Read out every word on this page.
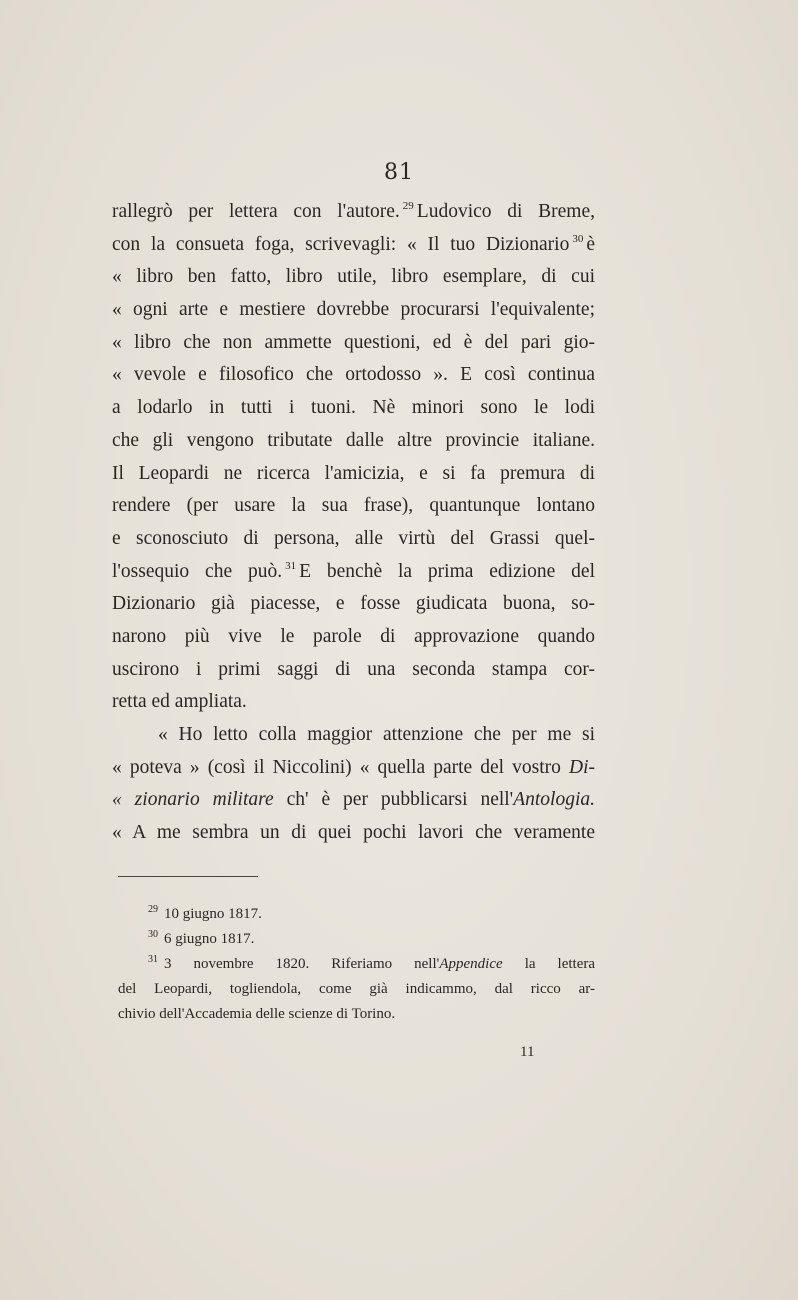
81
rallegrò per lettera con l'autore. $^{29}$ Ludovico di Breme,
con la consueta foga, scrivevagli: « Il tuo Dizionario $^{30}$ è
« libro ben fatto, libro utile, libro esemplare, di cui
« ogni arte e mestiere dovrebbe procurarsi l'equivalente;
« libro che non ammette questioni, ed è del pari gio-
« vevole e filosofico che ortodosso ». E così continua
a lodarlo in tutti i tuoni. Nè minori sono le lodi
che gli vengono tributate dalle altre provincie italiane.
Il Leopardi ne ricerca l'amicizia, e si fa premura di
rendere (per usare la sua frase), quantunque lontano
e sconosciuto di persona, alle virtù del Grassi quel-
l'ossequio che può. $^{31}$ E benchè la prima edizione del
Dizionario già piacesse, e fosse giudicata buona, so-
narono più vive le parole di approvazione quando
uscirono i primi saggi di una seconda stampa cor-
retta ed ampliata.
« Ho letto colla maggior attenzione che per me si
« poteva » (così il Niccolini) « quella parte del vostro Di-
« zionario militare ch' è per pubblicarsi nell'Antologia.
« A me sembra un di quei pochi lavori che veramente
$^{29}$ 10 giugno 1817.
$^{30}$ 6 giugno 1817.
$^{31}$ 3 novembre 1820. Riferiamo nell'Appendice la lettera
del Leopardi, togliendola, come già indicammo, dal ricco ar-
chivio dell'Accademia delle scienze di Torino.
11
